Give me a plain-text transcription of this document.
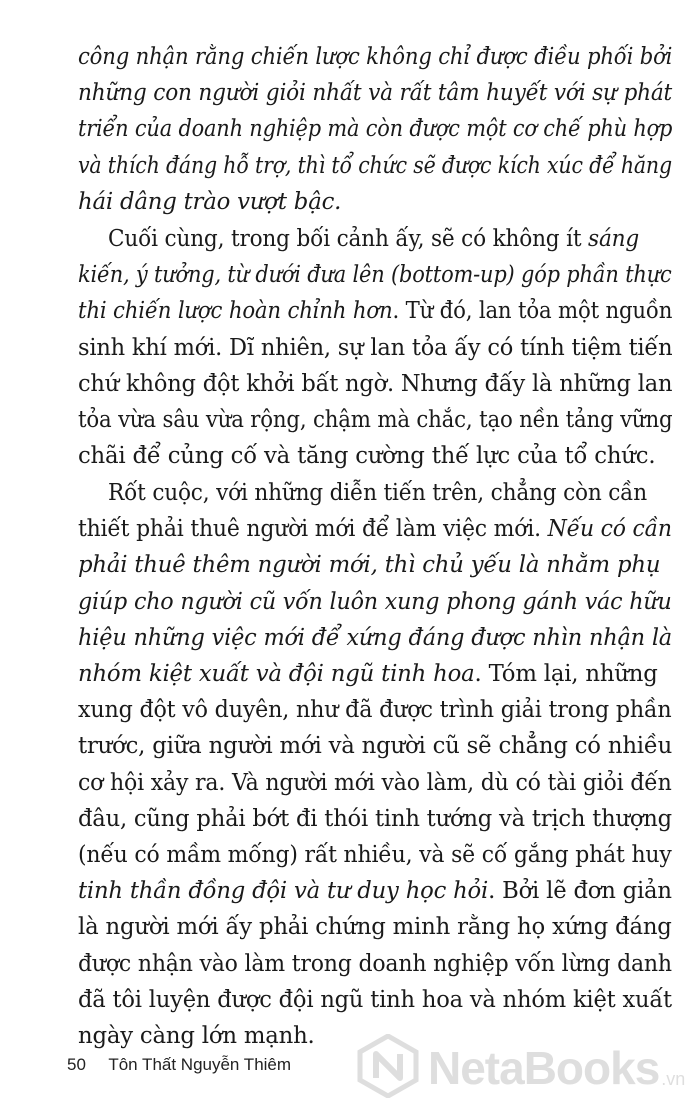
công nhận rằng chiến lược không chỉ được điều phối bởi

những con người giỏi nhất và rất tâm huyết với sự phát

triển của doanh nghiệp mà còn được một cơ chế phù hợp

và thích đáng hỗ trợ, thì tổ chức sẽ được kích xúc để hăng

hái dâng trào vượt bậc.

Cuối cùng, trong bối cảnh ấy, sẽ có không ít sáng

kiến, ý tưởng, từ dưới đưa lên (bottom-up) góp phần thực

thi chiến lược hoàn chỉnh hơn. Từ đó, lan tỏa một nguồn

sinh khí mới. Dĩ nhiên, sự lan tỏa ấy có tính tiệm tiến

chứ không đột khởi bất ngờ. Nhưng đấy là những lan

tỏa vừa sâu vừa rộng, chậm mà chắc, tạo nền tảng vững

chãi để củng cố và tăng cường thế lực của tổ chức.

Rốt cuộc, với những diễn tiến trên, chẳng còn cần

thiết phải thuê người mới để làm việc mới. Nếu có cần

phải thuê thêm người mới, thì chủ yếu là nhằm phụ

giúp cho người cũ vốn luôn xung phong gánh vác hữu

hiệu những việc mới để xứng đáng được nhìn nhận là

nhóm kiệt xuất và đội ngũ tinh hoa. Tóm lại, những

xung đột vô duyên, như đã được trình giải trong phần

trước, giữa người mới và người cũ sẽ chẳng có nhiều

cơ hội xảy ra. Và người mới vào làm, dù có tài giỏi đến

đâu, cũng phải bớt đi thói tinh tướng và trịch thượng

(nếu có mầm mống) rất nhiều, và sẽ cố gắng phát huy

tinh thần đồng đội và tư duy học hỏi. Bởi lẽ đơn giản

là người mới ấy phải chứng minh rằng họ xứng đáng

được nhận vào làm trong doanh nghiệp vốn lừng danh

đã tôi luyện được đội ngũ tinh hoa và nhóm kiệt xuất

ngày càng lớn mạnh.

50 Tôn Thất Nguyễn Thiêm	NetaBooks .vn
